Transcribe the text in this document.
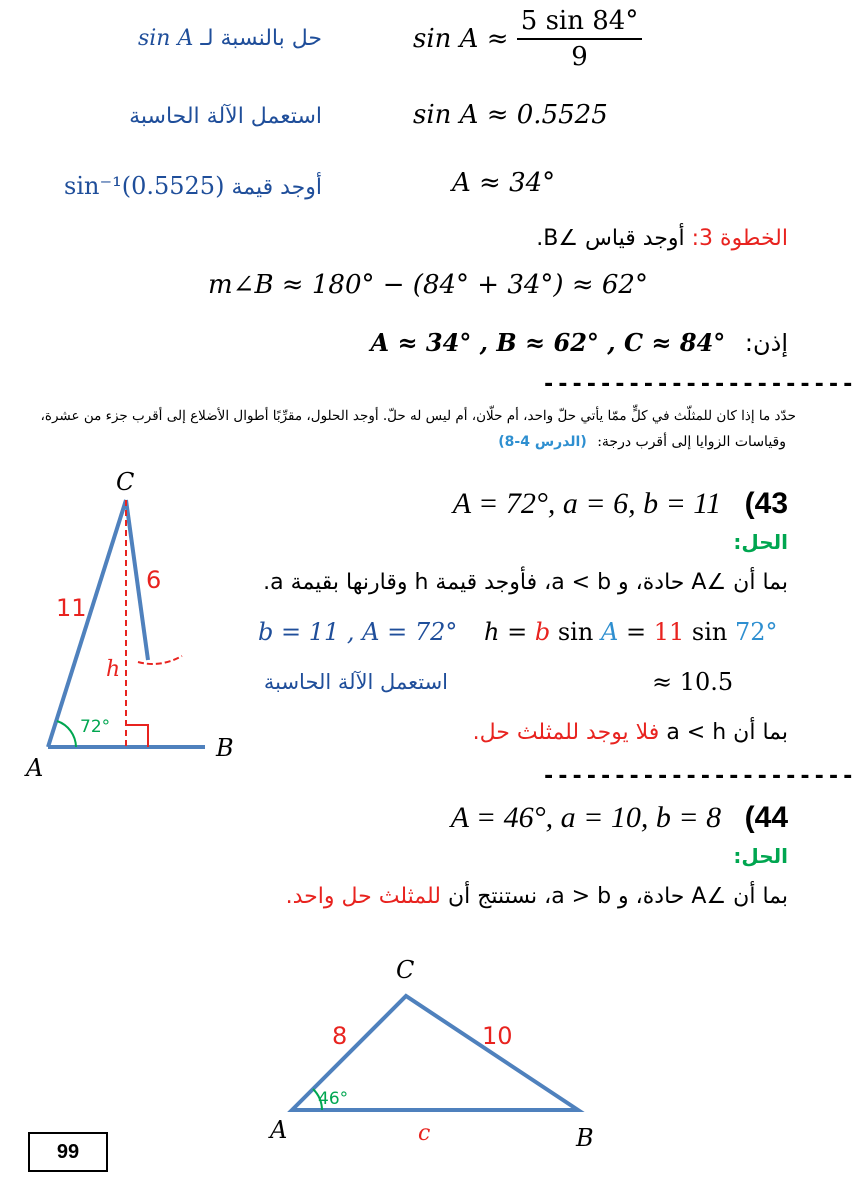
حل بالنسبة لـ sin A	$\sin A \approx \frac{5 \sin 84^\circ}{9}$
استعمل الآلة الحاسبة	sin A ≈ 0.5525
أوجد قيمة sin⁻¹(0.5525)	A ≈ 34°
الخطوة 3: أوجد قياس ∠B.
m∠B ≈ 180° − (84° + 34°) ≈ 62°
إذن: A ≈ 34° , B ≈ 62° , C ≈ 84°
----------------------
حدّد ما إذا كان للمثلّث في كلٍّ ممّا يأتي حلّ واحد، أم حلّان، أم ليس له حلّ. أوجد الحلول، مقرِّبًا أطوال الأضلاع إلى أقرب جزء من عشرة،
وقياسات الزوايا إلى أقرب درجة: (الدرس 4-8)
C
A
B
11
6
h
72°
A = 72°, a = 6, b = 11 (43
الحل:
بما أن ∠A حادة، و a < b، فأوجد قيمة h وقارنها بقيمة a.
b = 11 , A = 72° h = b sin A = 11 sin 72°
استعمل الآلة الحاسبة	≈ 10.5
بما أن a < h فلا يوجد للمثلث حل.
----------------------
A = 46°, a = 10, b = 8 (44
الحل:
بما أن ∠A حادة، و a > b، نستنتج أن للمثلث حل واحد.
C
A	B
8	10
c
46°
99
